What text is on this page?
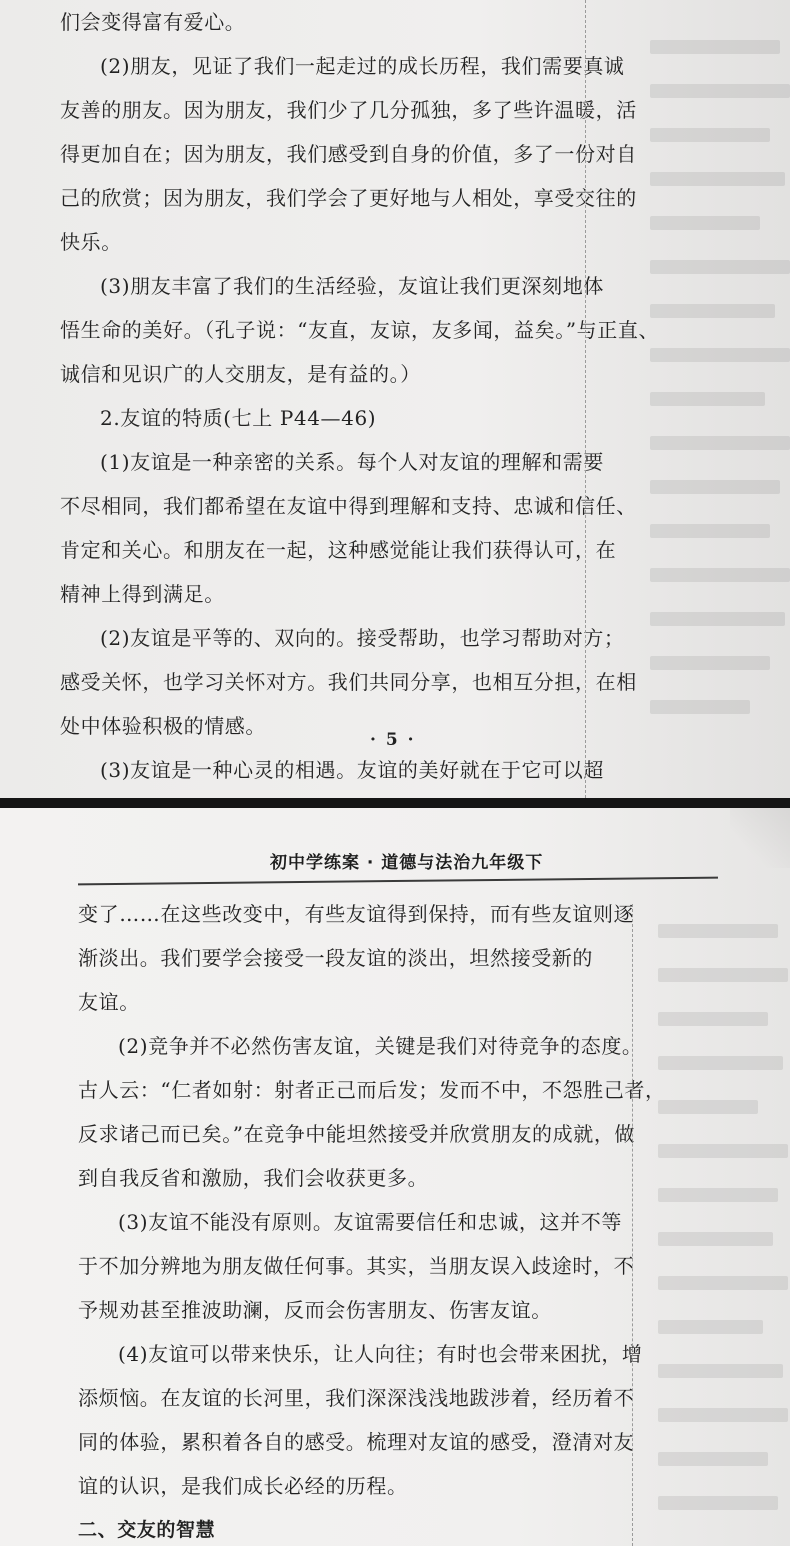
们会变得富有爱心。

(2)朋友，见证了我们一起走过的成长历程，我们需要真诚

友善的朋友。因为朋友，我们少了几分孤独，多了些许温暖，活

得更加自在；因为朋友，我们感受到自身的价值，多了一份对自

己的欣赏；因为朋友，我们学会了更好地与人相处，享受交往的

快乐。

(3)朋友丰富了我们的生活经验，友谊让我们更深刻地体

悟生命的美好。（孔子说：“友直，友谅，友多闻，益矣。”与正直、

诚信和见识广的人交朋友，是有益的。）

2.友谊的特质(七上 P44—46)

(1)友谊是一种亲密的关系。每个人对友谊的理解和需要

不尽相同，我们都希望在友谊中得到理解和支持、忠诚和信任、

肯定和关心。和朋友在一起，这种感觉能让我们获得认可，在

精神上得到满足。

(2)友谊是平等的、双向的。接受帮助，也学习帮助对方；

感受关怀，也学习关怀对方。我们共同分享，也相互分担，在相

处中体验积极的情感。

(3)友谊是一种心灵的相遇。友谊的美好就在于它可以超

· 5 ·
初中学练案 · 道德与法治九年级下

变了……在这些改变中，有些友谊得到保持，而有些友谊则逐

渐淡出。我们要学会接受一段友谊的淡出，坦然接受新的

友谊。

(2)竞争并不必然伤害友谊，关键是我们对待竞争的态度。

古人云：“仁者如射：射者正己而后发；发而不中，不怨胜己者，

反求诸己而已矣。”在竞争中能坦然接受并欣赏朋友的成就，做

到自我反省和激励，我们会收获更多。

(3)友谊不能没有原则。友谊需要信任和忠诚，这并不等

于不加分辨地为朋友做任何事。其实，当朋友误入歧途时，不

予规劝甚至推波助澜，反而会伤害朋友、伤害友谊。

(4)友谊可以带来快乐，让人向往；有时也会带来困扰，增

添烦恼。在友谊的长河里，我们深深浅浅地跋涉着，经历着不

同的体验，累积着各自的感受。梳理对友谊的感受，澄清对友

谊的认识，是我们成长必经的历程。

二、交友的智慧
